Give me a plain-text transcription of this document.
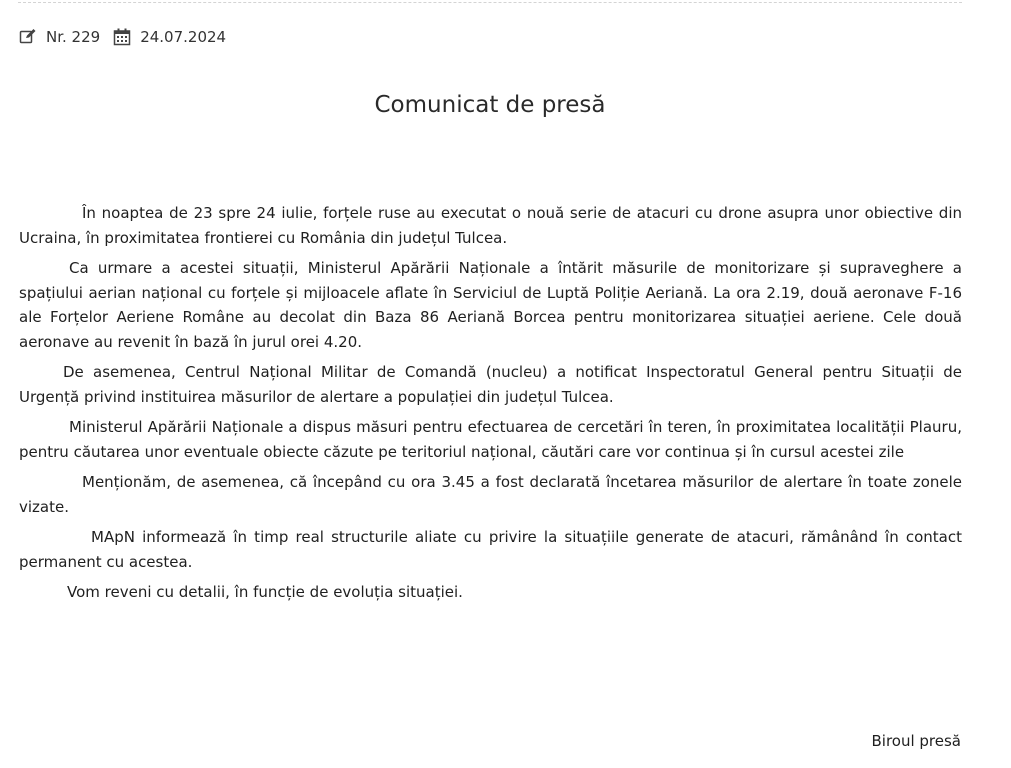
Nr. 229	24.07.2024
Comunicat de presă

În noaptea de 23 spre 24 iulie, forțele ruse au executat o nouă serie de atacuri cu drone asupra unor obiective din Ucraina, în proximitatea frontierei cu România din județul Tulcea.

Ca urmare a acestei situații, Ministerul Apărării Naționale a întărit măsurile de monitorizare și supraveghere a spațiului aerian național cu forțele și mijloacele aflate în Serviciul de Luptă Poliție Aeriană. La ora 2.19, două aeronave F-16 ale Forțelor Aeriene Române au decolat din Baza 86 Aeriană Borcea pentru monitorizarea situației aeriene. Cele două aeronave au revenit în bază în jurul orei 4.20.

De asemenea, Centrul Național Militar de Comandă (nucleu) a notificat Inspectoratul General pentru Situații de Urgență privind instituirea măsurilor de alertare a populației din județul Tulcea.

Ministerul Apărării Naționale a dispus măsuri pentru efectuarea de cercetări în teren, în proximitatea localității Plauru, pentru căutarea unor eventuale obiecte căzute pe teritoriul național, căutări care vor continua și în cursul acestei zile

Menționăm, de asemenea, că începând cu ora 3.45 a fost declarată încetarea măsurilor de alertare în toate zonele vizate.

MApN informează în timp real structurile aliate cu privire la situațiile generate de atacuri, rămânând în contact permanent cu acestea.

Vom reveni cu detalii, în funcție de evoluția situației.

Biroul presă
